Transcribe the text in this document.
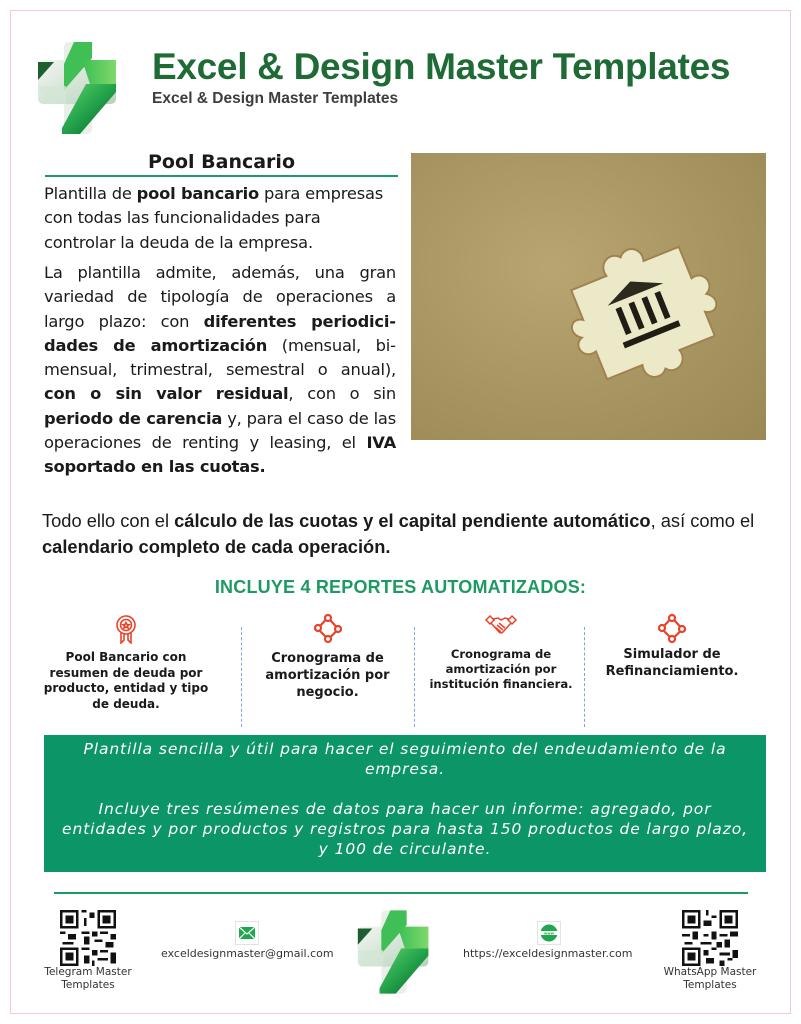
Excel & Design Master Templates
Excel & Design Master Templates
Pool Bancario

Plantilla de pool bancario para empresas con todas las funcionalidades para controlar la deuda de la empresa.

La plantilla admite, además, una gran variedad de tipología de operaciones a largo plazo: con diferentes periodicidades de amortización (mensual, bimensual, trimestral, semestral o anual), con o sin valor residual, con o sin periodo de carencia y, para el caso de las operaciones de renting y leasing, el IVA soportado en las cuotas.

Todo ello con el cálculo de las cuotas y el capital pendiente automático, así como el calendario completo de cada operación.

INCLUYE 4 REPORTES AUTOMATIZADOS:
Pool Bancario con resumen de deuda por producto, entidad y tipo de deuda.
Cronograma de amortización por negocio.
Cronograma de amortización por institución financiera.
Simulador de Refinanciamiento.

Plantilla sencilla y útil para hacer el seguimiento del endeudamiento de la empresa.

Incluye tres resúmenes de datos para hacer un informe: agregado, por entidades y por productos y registros para hasta 150 productos de largo plazo, y 100 de circulante.

Telegram Master Templates
exceldesignmaster@gmail.com
www
https://exceldesignmaster.com
WhatsApp Master Templates
